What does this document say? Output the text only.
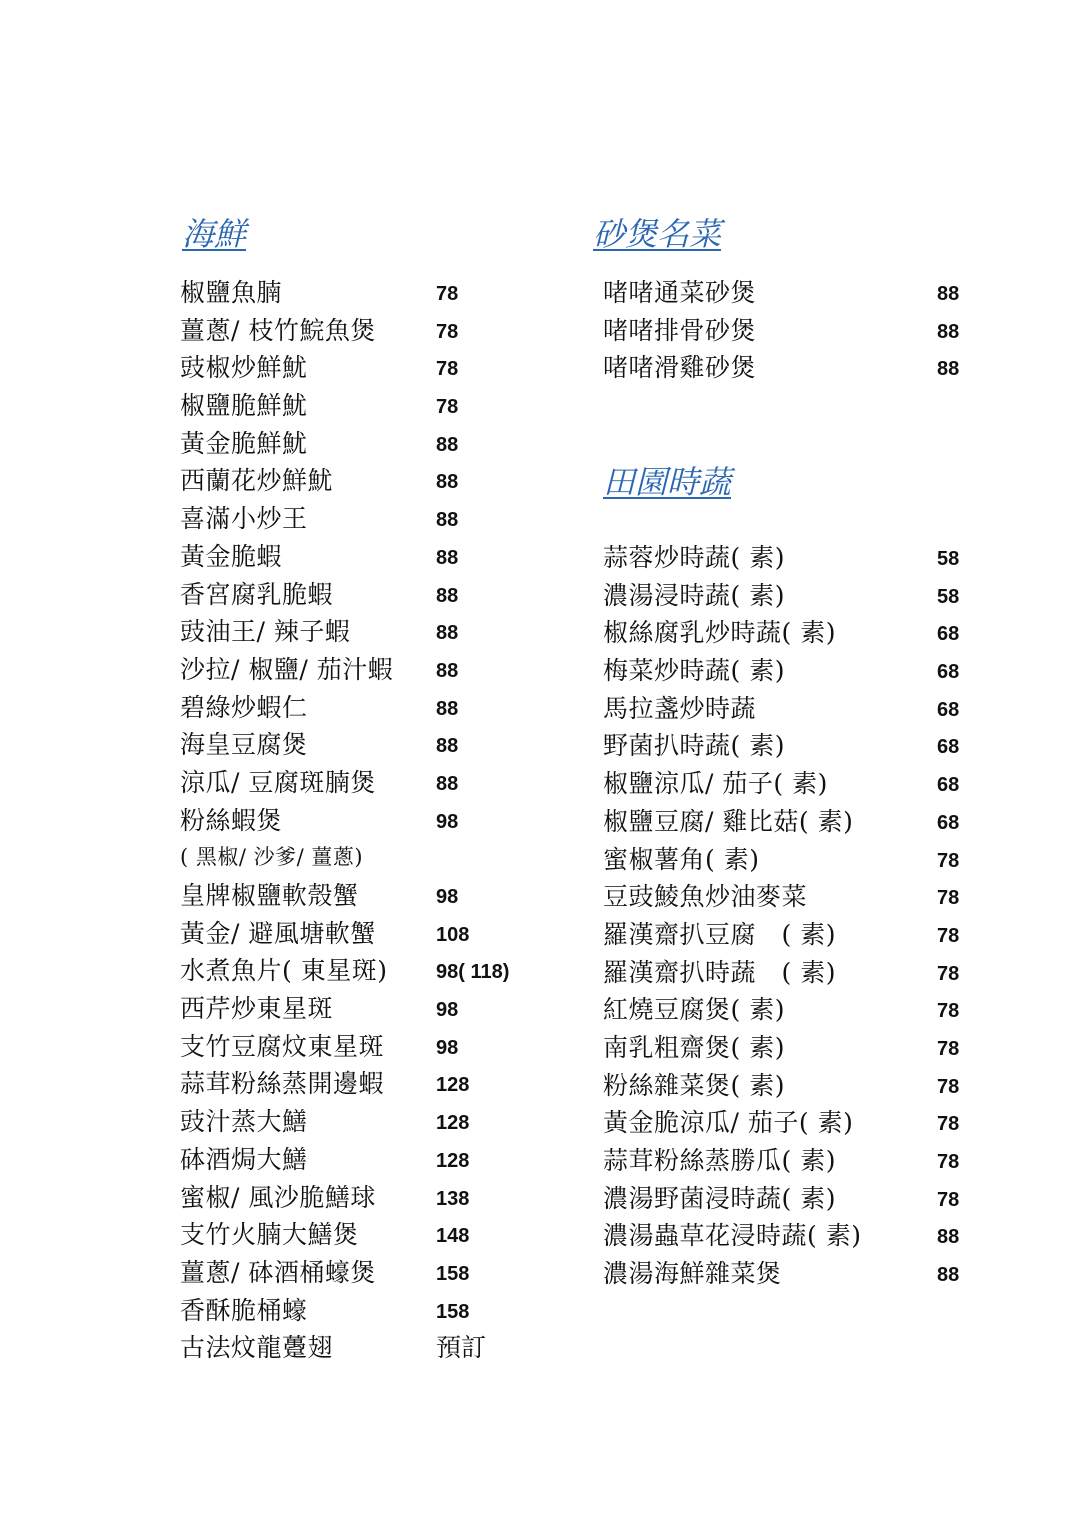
海鮮
椒鹽魚腩	78
薑蔥/ 枝竹鯇魚煲	78
豉椒炒鮮魷	78
椒鹽脆鮮魷	78
黃金脆鮮魷	88
西蘭花炒鮮魷	88
喜滿小炒王	88
黃金脆蝦	88
香宮腐乳脆蝦	88
豉油王/ 辣子蝦	88
沙拉/ 椒鹽/ 茄汁蝦 88
碧綠炒蝦仁	88
海皇豆腐煲	88
涼瓜/ 豆腐斑腩煲	88
粉絲蝦煲	98
( 黑椒/ 沙爹/ 薑蔥)
皇牌椒鹽軟殼蟹	98
黃金/ 避風塘軟蟹	108
水煮魚片( 東星斑) 98( 118)
西芹炒東星斑	98
支竹豆腐炆東星斑	98
蒜茸粉絲蒸開邊蝦	128
豉汁蒸大鱔	128
砵酒焗大鱔	128
蜜椒/ 風沙脆鱔球	138
支竹火腩大鱔煲	148
薑蔥/ 砵酒桶蠔煲	158
香酥脆桶蠔	158
古法炆龍躉翅	預訂
砂煲名菜
啫啫通菜砂煲	88
啫啫排骨砂煲	88
啫啫滑雞砂煲	88
田園時蔬
蒜蓉炒時蔬( 素)	58
濃湯浸時蔬( 素)	58
椒絲腐乳炒時蔬( 素)	68
梅菜炒時蔬( 素)	68
馬拉盞炒時蔬	68
野菌扒時蔬( 素)	68
椒鹽涼瓜/ 茄子( 素)	68
椒鹽豆腐/ 雞比菇( 素)	68
蜜椒薯角( 素)	78
豆豉鯪魚炒油麥菜	78
羅漢齋扒豆腐　( 素)	78
羅漢齋扒時蔬　( 素)	78
紅燒豆腐煲( 素)	78
南乳粗齋煲( 素)	78
粉絲雜菜煲( 素)	78
黃金脆涼瓜/ 茄子( 素)	78
蒜茸粉絲蒸勝瓜( 素)	78
濃湯野菌浸時蔬( 素)	78
濃湯蟲草花浸時蔬( 素)	88
濃湯海鮮雜菜煲	88
